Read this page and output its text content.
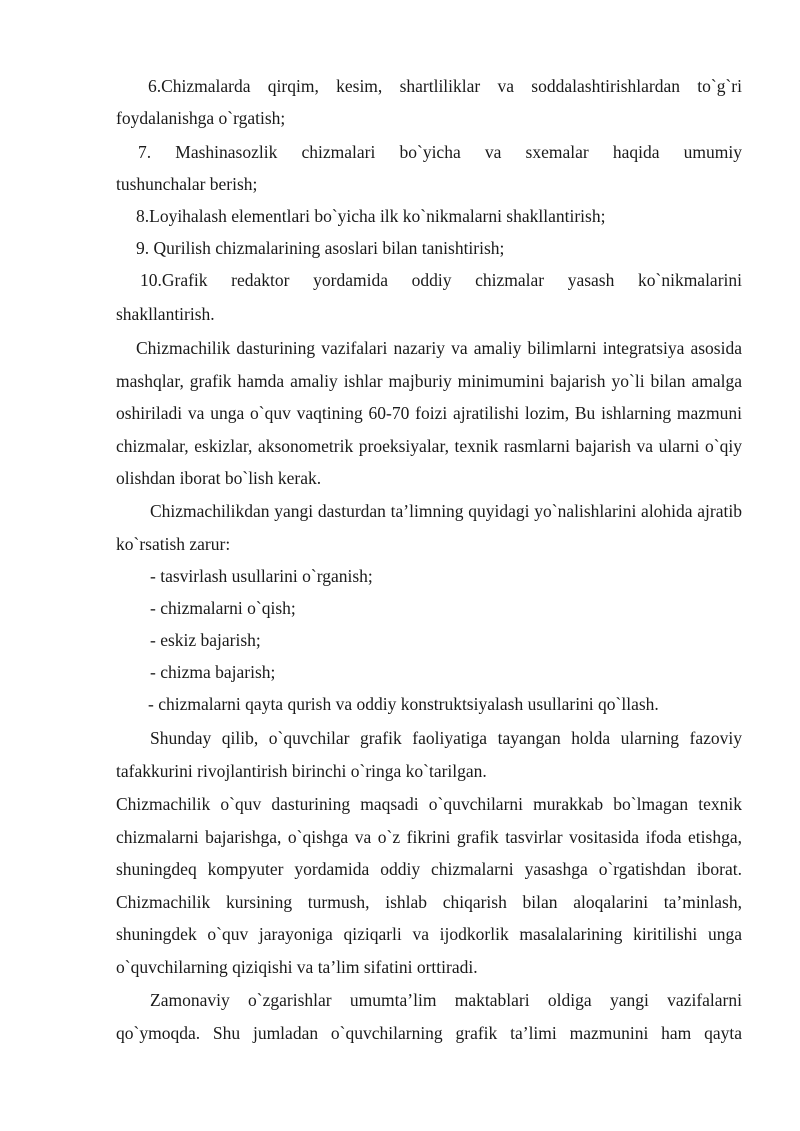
6.Chizmalarda qirqim, kesim, shartliliklar va soddalashtirishlardan to`g`ri

foydalanishga o`rgatish;

7. Mashinasozlik chizmalari bo`yicha va sxemalar haqida umumiy

tushunchalar berish;

8.Loyihalash elementlari bo`yicha ilk ko`nikmalarni shakllantirish;

9. Qurilish chizmalarining asoslari bilan tanishtirish;

10.Grafik redaktor yordamida oddiy chizmalar yasash ko`nikmalarini

shakllantirish.

Chizmachilik dasturining vazifalari nazariy va amaliy bilimlarni integratsiya asosida mashqlar, grafik hamda amaliy ishlar majburiy minimumini bajarish yo`li bilan amalga oshiriladi va unga o`quv vaqtining 60-70 foizi ajratilishi lozim, Bu ishlarning mazmuni chizmalar, eskizlar, aksonometrik proeksiyalar, texnik rasmlarni bajarish va ularni o`qiy olishdan iborat bo`lish kerak.

Chizmachilikdan yangi dasturdan ta’limning quyidagi yo`nalishlarini alohida ajratib ko`rsatish zarur:

- tasvirlash usullarini o`rganish;

- chizmalarni o`qish;

- eskiz bajarish;

- chizma bajarish;

- chizmalarni qayta qurish va oddiy konstruktsiyalash usullarini qo`llash.

Shunday qilib, o`quvchilar grafik faoliyatiga tayangan holda ularning fazoviy tafakkurini rivojlantirish birinchi o`ringa ko`tarilgan.

Chizmachilik o`quv dasturining maqsadi o`quvchilarni murakkab bo`lmagan texnik chizmalarni bajarishga, o`qishga va o`z fikrini grafik tasvirlar vositasida ifoda etishga, shuningdeq kompyuter yordamida oddiy chizmalarni yasashga o`rgatishdan iborat. Chizmachilik kursining turmush, ishlab chiqarish bilan aloqalarini ta’minlash, shuningdek o`quv jarayoniga qiziqarli va ijodkorlik masalalarining kiritilishi unga o`quvchilarning qiziqishi va ta’lim sifatini orttiradi.

Zamonaviy o`zgarishlar umumta’lim maktablari oldiga yangi vazifalarni qo`ymoqda. Shu jumladan o`quvchilarning grafik ta’limi mazmunini ham qayta
